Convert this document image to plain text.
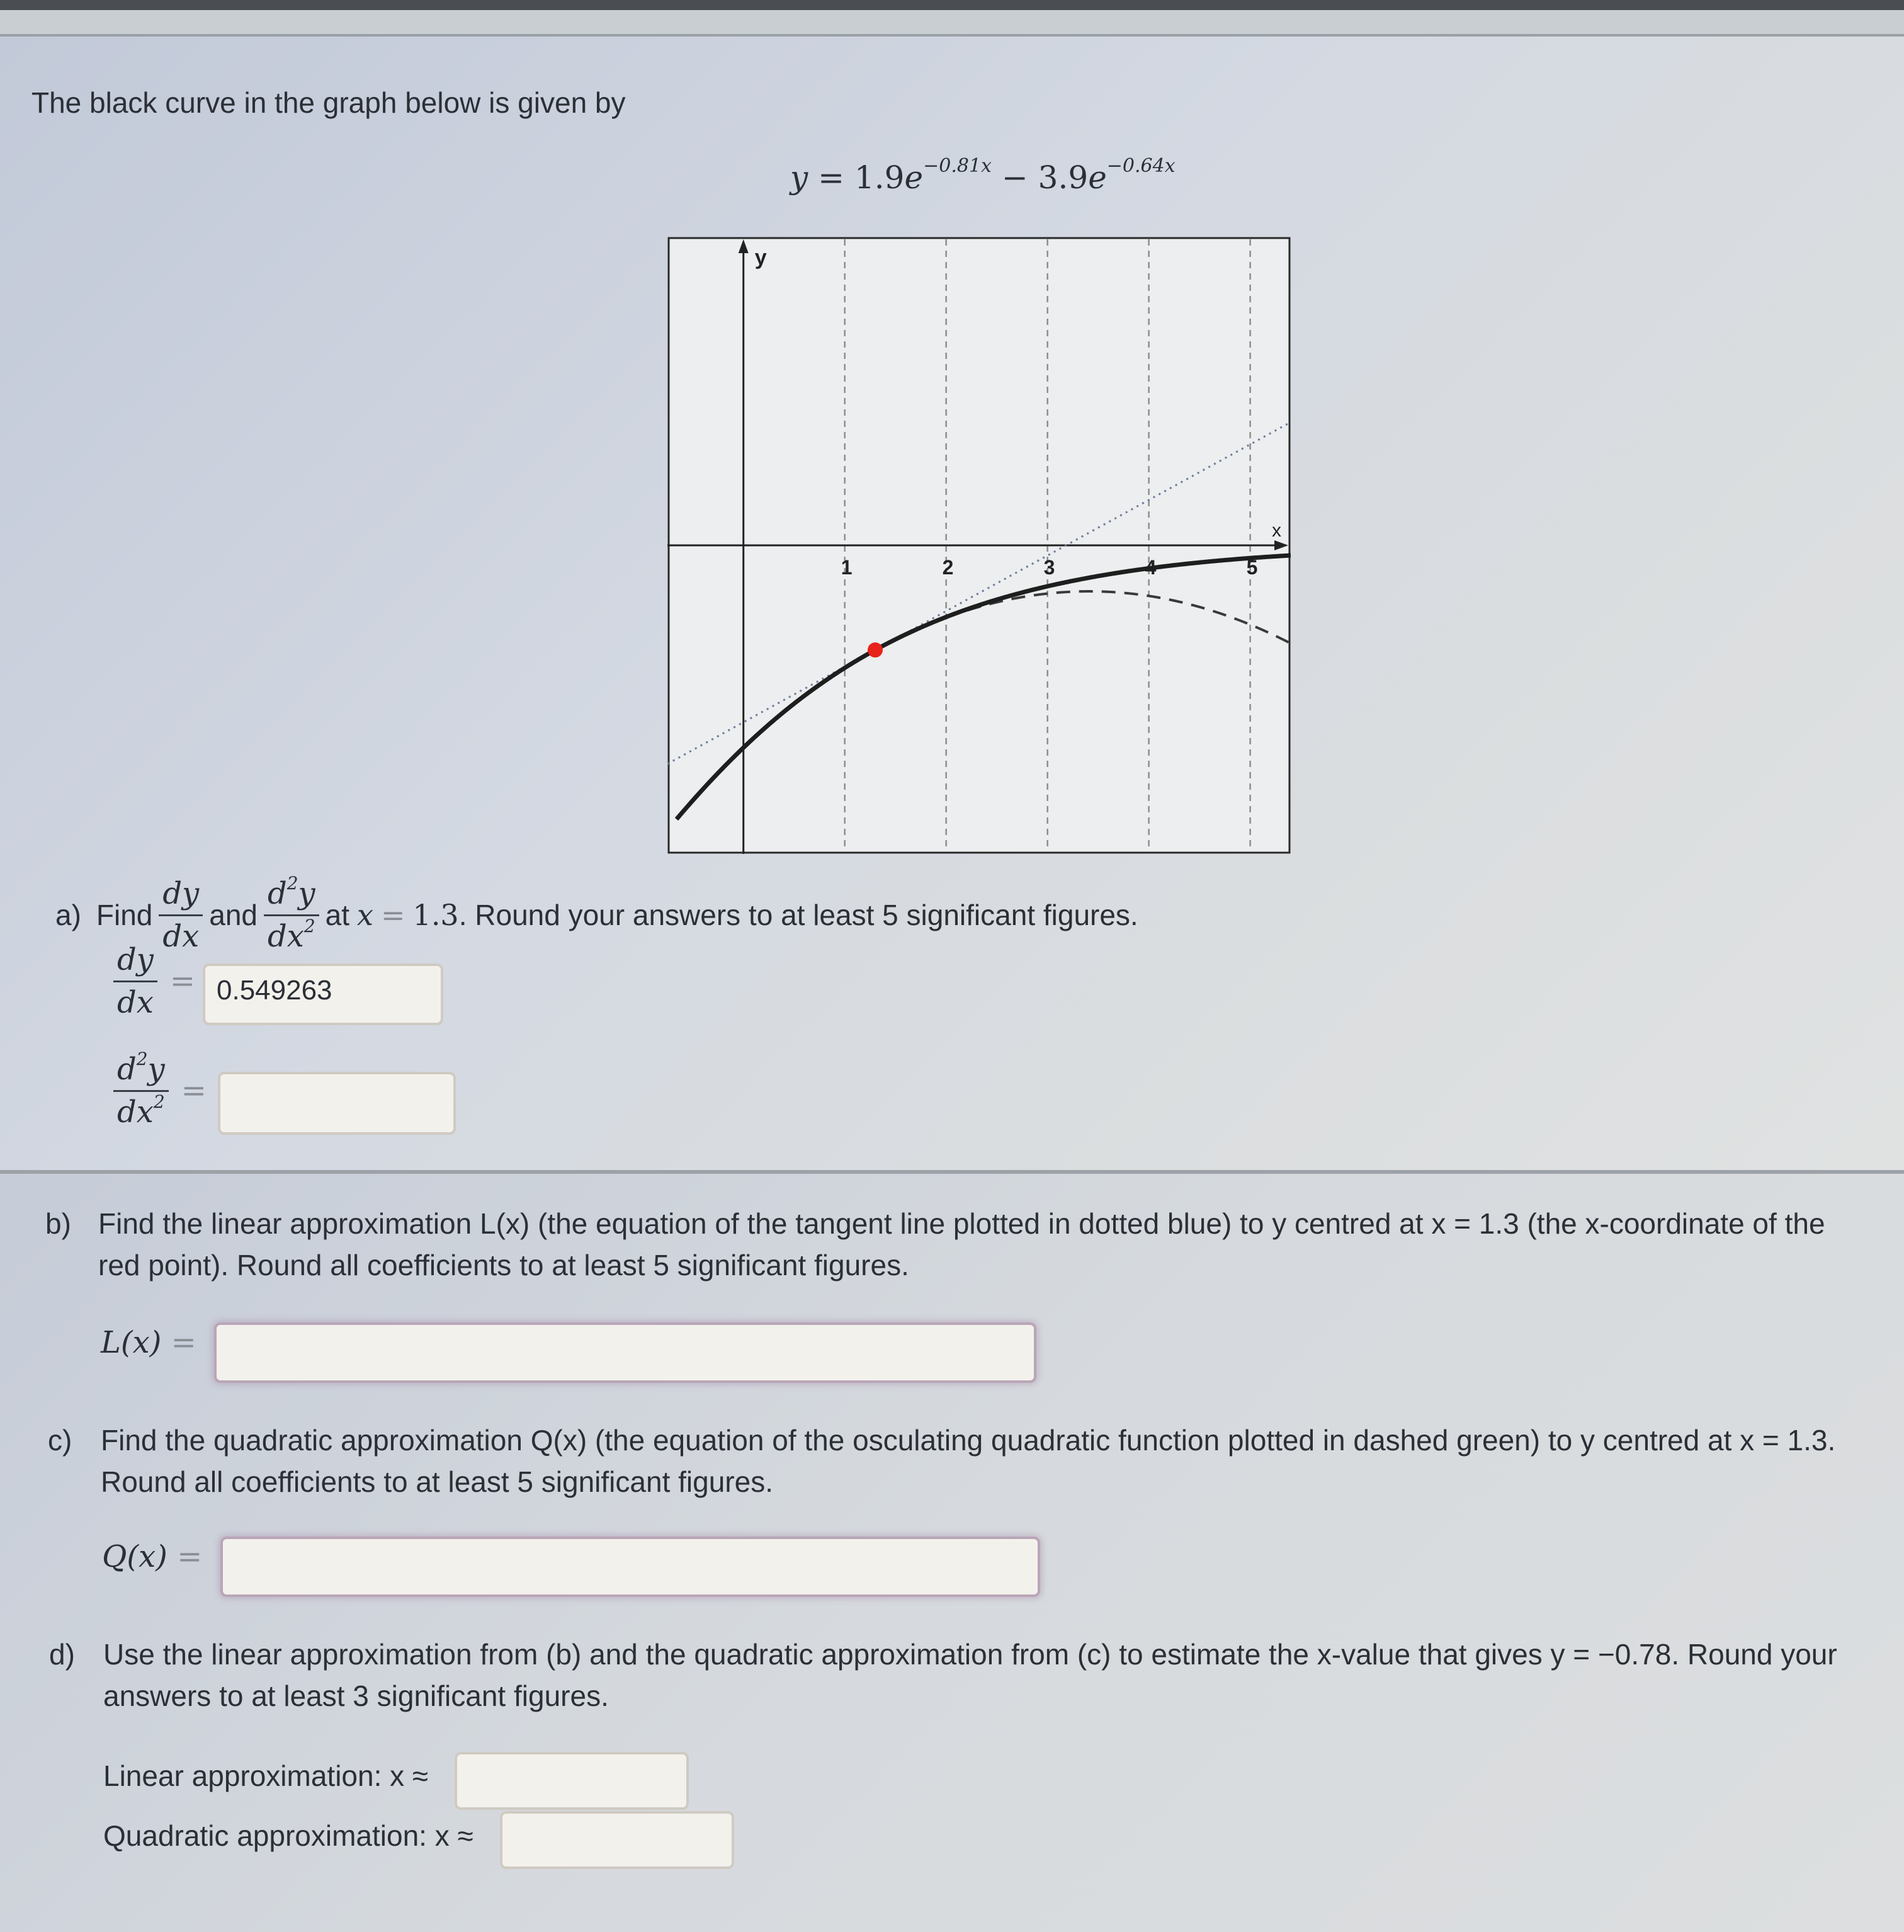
The black curve in the graph below is given by
$y = 1.9e^{-0.81x} - 3.9e^{-0.64x}$
1	2	3	4	5
y
x
a) Find $\frac{dy}{dx}$ and $\frac{d^2y}{dx^2}$ at x = 1.3 . Round your answers to at least 5 significant figures.
$\frac{dy}{dx} = 0.549263$
$\frac{d^2y}{dx^2}$ =
b) Find the linear approximation L(x) (the equation of the tangent line plotted in dotted blue) to y centred at x = 1.3 (the x-coordinate of the red point). Round all coefficients to at least 5 significant figures.
L(x) =
c) Find the quadratic approximation Q(x) (the equation of the osculating quadratic function plotted in dashed green) to y centred at x = 1.3. Round all coefficients to at least 5 significant figures.
Q(x) =
d) Use the linear approximation from (b) and the quadratic approximation from (c) to estimate the x-value that gives y = −0.78. Round your answers to at least 3 significant figures.
Linear approximation: x ≈
Quadratic approximation: x ≈
